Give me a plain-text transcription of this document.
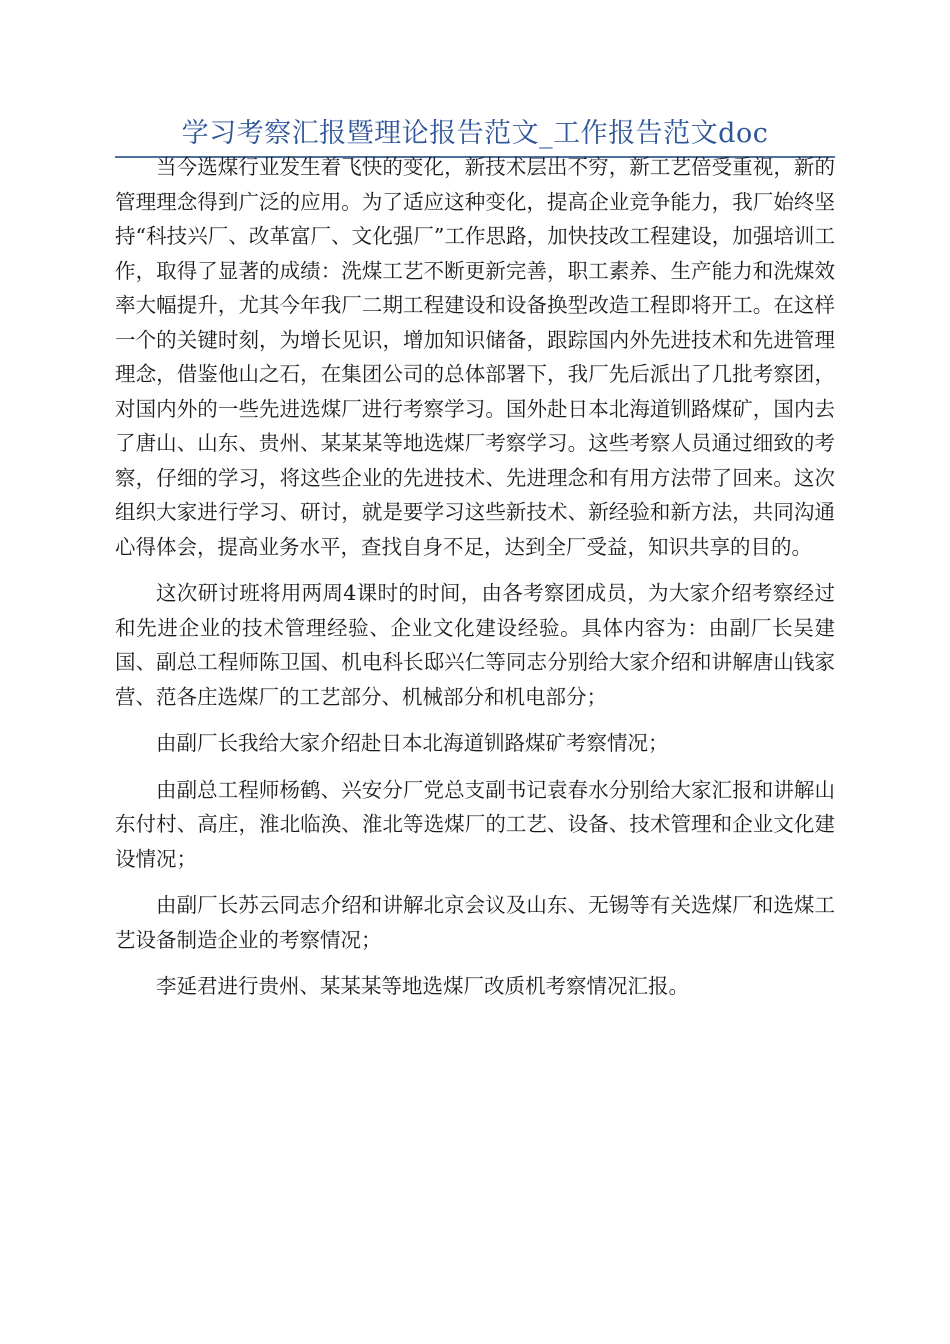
学习考察汇报暨理论报告范文_工作报告范文doc

当今选煤行业发生着飞快的变化，新技术层出不穷，新工艺倍受重视，新的管理理念得到广泛的应用。为了适应这种变化，提高企业竞争能力，我厂始终坚持“科技兴厂、改革富厂、文化强厂”工作思路，加快技改工程建设，加强培训工作，取得了显著的成绩：洗煤工艺不断更新完善，职工素养、生产能力和洗煤效率大幅提升，尤其今年我厂二期工程建设和设备换型改造工程即将开工。在这样一个的关键时刻，为增长见识，增加知识储备，跟踪国内外先进技术和先进管理理念，借鉴他山之石，在集团公司的总体部署下，我厂先后派出了几批考察团，对国内外的一些先进选煤厂进行考察学习。国外赴日本北海道钏路煤矿，国内去了唐山、山东、贵州、某某某等地选煤厂考察学习。这些考察人员通过细致的考察，仔细的学习，将这些企业的先进技术、先进理念和有用方法带了回来。这次组织大家进行学习、研讨，就是要学习这些新技术、新经验和新方法，共同沟通心得体会，提高业务水平，查找自身不足，达到全厂受益，知识共享的目的。

这次研讨班将用两周4课时的时间，由各考察团成员，为大家介绍考察经过和先进企业的技术管理经验、企业文化建设经验。具体内容为：由副厂长吴建国、副总工程师陈卫国、机电科长邸兴仁等同志分别给大家介绍和讲解唐山钱家营、范各庄选煤厂的工艺部分、机械部分和机电部分；

由副厂长我给大家介绍赴日本北海道钏路煤矿考察情况；

由副总工程师杨鹤、兴安分厂党总支副书记袁春水分别给大家汇报和讲解山东付村、高庄，淮北临涣、淮北等选煤厂的工艺、设备、技术管理和企业文化建设情况；

由副厂长苏云同志介绍和讲解北京会议及山东、无锡等有关选煤厂和选煤工艺设备制造企业的考察情况；

李延君进行贵州、某某某等地选煤厂改质机考察情况汇报。
